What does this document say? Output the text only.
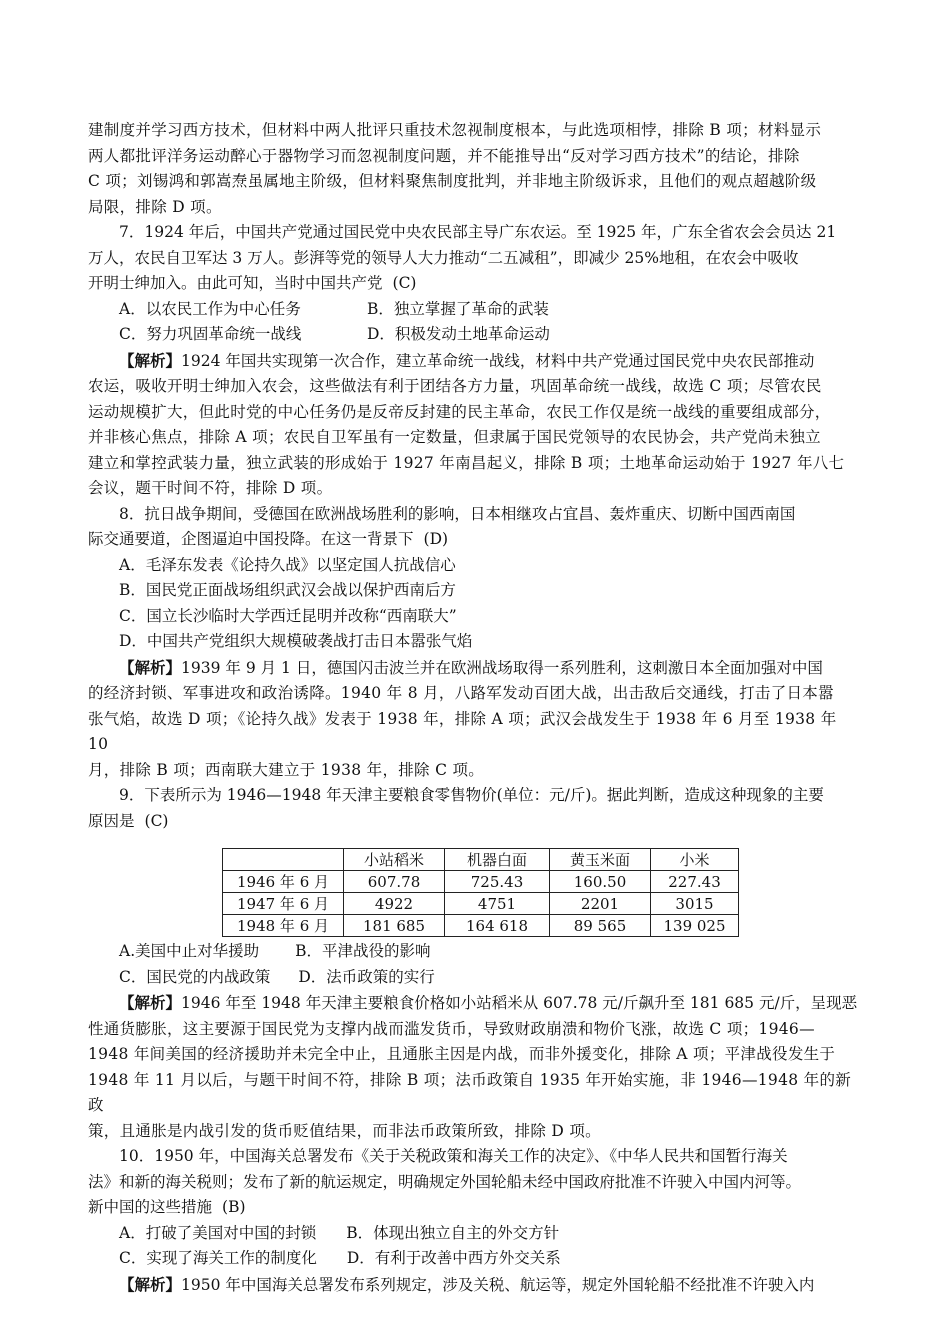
建制度并学习西方技术，但材料中两人批评只重技术忽视制度根本，与此选项相悖，排除 B 项；材料显示

两人都批评洋务运动醉心于器物学习而忽视制度问题，并不能推导出“反对学习西方技术”的结论，排除

C 项；刘锡鸿和郭嵩焘虽属地主阶级，但材料聚焦制度批判，并非地主阶级诉求，且他们的观点超越阶级

局限，排除 D 项。

7．1924 年后，中国共产党通过国民党中央农民部主导广东农运。至 1925 年，广东全省农会会员达 21

万人，农民自卫军达 3 万人。彭湃等党的领导人大力推动“二五减租”，即减少 25%地租，在农会中吸收

开明士绅加入。由此可知，当时中国共产党 (C)

A．以农民工作为中心任务	B．独立掌握了革命的武装

C．努力巩固革命统一战线	D．积极发动土地革命运动

【解析】1924 年国共实现第一次合作，建立革命统一战线，材料中共产党通过国民党中央农民部推动

农运，吸收开明士绅加入农会，这些做法有利于团结各方力量，巩固革命统一战线，故选 C 项；尽管农民

运动规模扩大，但此时党的中心任务仍是反帝反封建的民主革命，农民工作仅是统一战线的重要组成部分，

并非核心焦点，排除 A 项；农民自卫军虽有一定数量，但隶属于国民党领导的农民协会，共产党尚未独立

建立和掌控武装力量，独立武装的形成始于 1927 年南昌起义，排除 B 项；土地革命运动始于 1927 年八七

会议，题干时间不符，排除 D 项。

8．抗日战争期间，受德国在欧洲战场胜利的影响，日本相继攻占宜昌、轰炸重庆、切断中国西南国

际交通要道，企图逼迫中国投降。在这一背景下 (D)

A．毛泽东发表《论持久战》以坚定国人抗战信心

B．国民党正面战场组织武汉会战以保护西南后方

C．国立长沙临时大学西迁昆明并改称“西南联大”

D．中国共产党组织大规模破袭战打击日本嚣张气焰

【解析】1939 年 9 月 1 日，德国闪击波兰并在欧洲战场取得一系列胜利，这刺激日本全面加强对中国

的经济封锁、军事进攻和政治诱降。1940 年 8 月，八路军发动百团大战，出击敌后交通线，打击了日本嚣

张气焰，故选 D 项；《论持久战》发表于 1938 年，排除 A 项；武汉会战发生于 1938 年 6 月至 1938 年 10

月，排除 B 项；西南联大建立于 1938 年，排除 C 项。

9．下表所示为 1946—1948 年天津主要粮食零售物价(单位：元/斤)。据此判断，造成这种现象的主要

原因是 (C)

	小站稻米	机器白面	黄玉米面	小米
1946 年 6 月	607.78	725.43	160.50	227.43
1947 年 6 月	4922	4751	2201	3015
1948 年 6 月	181 685	164 618	89 565	139 025

A.美国中止对华援助 B．平津战役的影响

C．国民党的内战政策 D．法币政策的实行

【解析】1946 年至 1948 年天津主要粮食价格如小站稻米从 607.78 元/斤飙升至 181 685 元/斤，呈现恶

性通货膨胀，这主要源于国民党为支撑内战而滥发货币，导致财政崩溃和物价飞涨，故选 C 项；1946—

1948 年间美国的经济援助并未完全中止，且通胀主因是内战，而非外援变化，排除 A 项；平津战役发生于

1948 年 11 月以后，与题干时间不符，排除 B 项；法币政策自 1935 年开始实施，非 1946—1948 年的新政

策，且通胀是内战引发的货币贬值结果，而非法币政策所致，排除 D 项。

10．1950 年，中国海关总署发布《关于关税政策和海关工作的决定》、《中华人民共和国暂行海关

法》和新的海关税则；发布了新的航运规定，明确规定外国轮船未经中国政府批准不许驶入中国内河等。

新中国的这些措施 (B)

A．打破了美国对中国的封锁 B．体现出独立自主的外交方针

C．实现了海关工作的制度化 D．有利于改善中西方外交关系

【解析】1950 年中国海关总署发布系列规定，涉及关税、航运等，规定外国轮船不经批准不许驶入内
